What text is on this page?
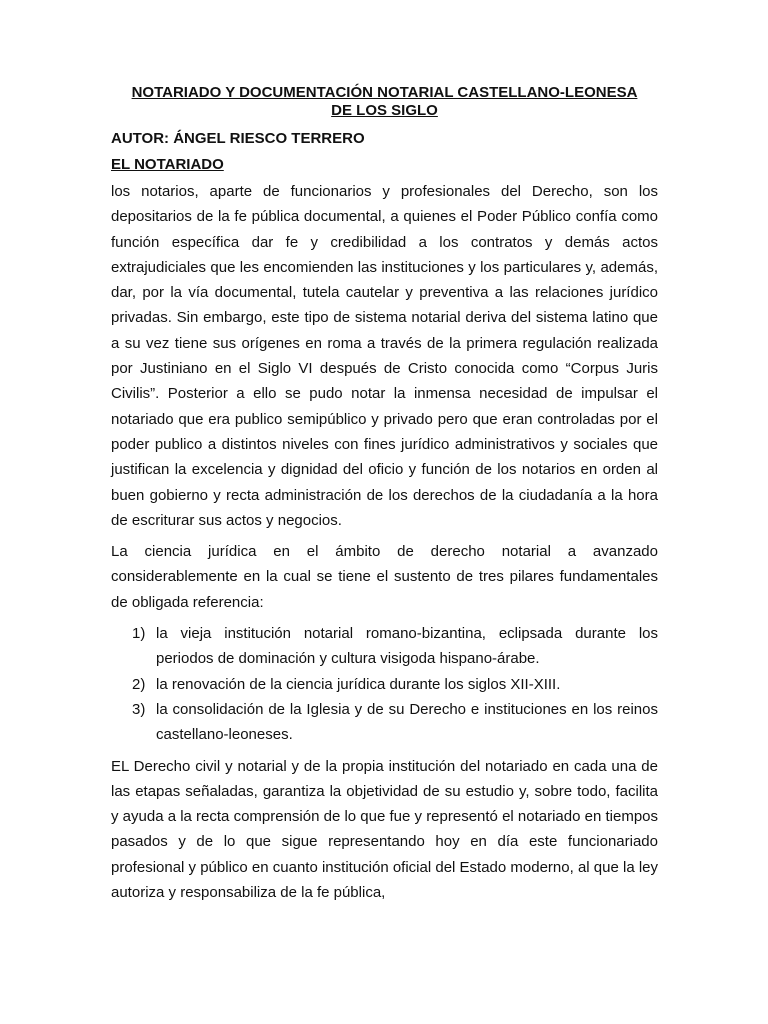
NOTARIADO Y DOCUMENTACIÓN NOTARIAL CASTELLANO-LEONESA
DE LOS SIGLO
AUTOR: ÁNGEL RIESCO TERRERO
EL NOTARIADO

los notarios, aparte de funcionarios y profesionales del Derecho, son los depositarios de la fe pública documental, a quienes el Poder Público confía como función específica dar fe y credibilidad a los contratos y demás actos extrajudiciales que les encomienden las instituciones y los particulares y, además, dar, por la vía documental, tutela cautelar y preventiva a las relaciones jurídico privadas. Sin embargo, este tipo de sistema notarial deriva del sistema latino que a su vez tiene sus orígenes en roma a través de la primera regulación realizada por Justiniano en el Siglo VI después de Cristo conocida como “Corpus Juris Civilis”. Posterior a ello se pudo notar la inmensa necesidad de impulsar el notariado que era publico semipúblico y privado pero que eran controladas por el poder publico a distintos niveles con fines jurídico administrativos y sociales que justifican la excelencia y dignidad del oficio y función de los notarios en orden al buen gobierno y recta administración de los derechos de la ciudadanía a la hora de escriturar sus actos y negocios.

La ciencia jurídica en el ámbito de derecho notarial a avanzado considerablemente en la cual se tiene el sustento de tres pilares fundamentales de obligada referencia:

1) la vieja institución notarial romano-bizantina, eclipsada durante los periodos de dominación y cultura visigoda hispano-árabe.
2) la renovación de la ciencia jurídica durante los siglos XII-XIII.
3) la consolidación de la Iglesia y de su Derecho e instituciones en los reinos castellano-leoneses.

EL Derecho civil y notarial y de la propia institución del notariado en cada una de las etapas señaladas, garantiza la objetividad de su estudio y, sobre todo, facilita y ayuda a la recta comprensión de lo que fue y representó el notariado en tiempos pasados y de lo que sigue representando hoy en día este funcionariado profesional y público en cuanto institución oficial del Estado moderno, al que la ley autoriza y responsabiliza de la fe pública,
